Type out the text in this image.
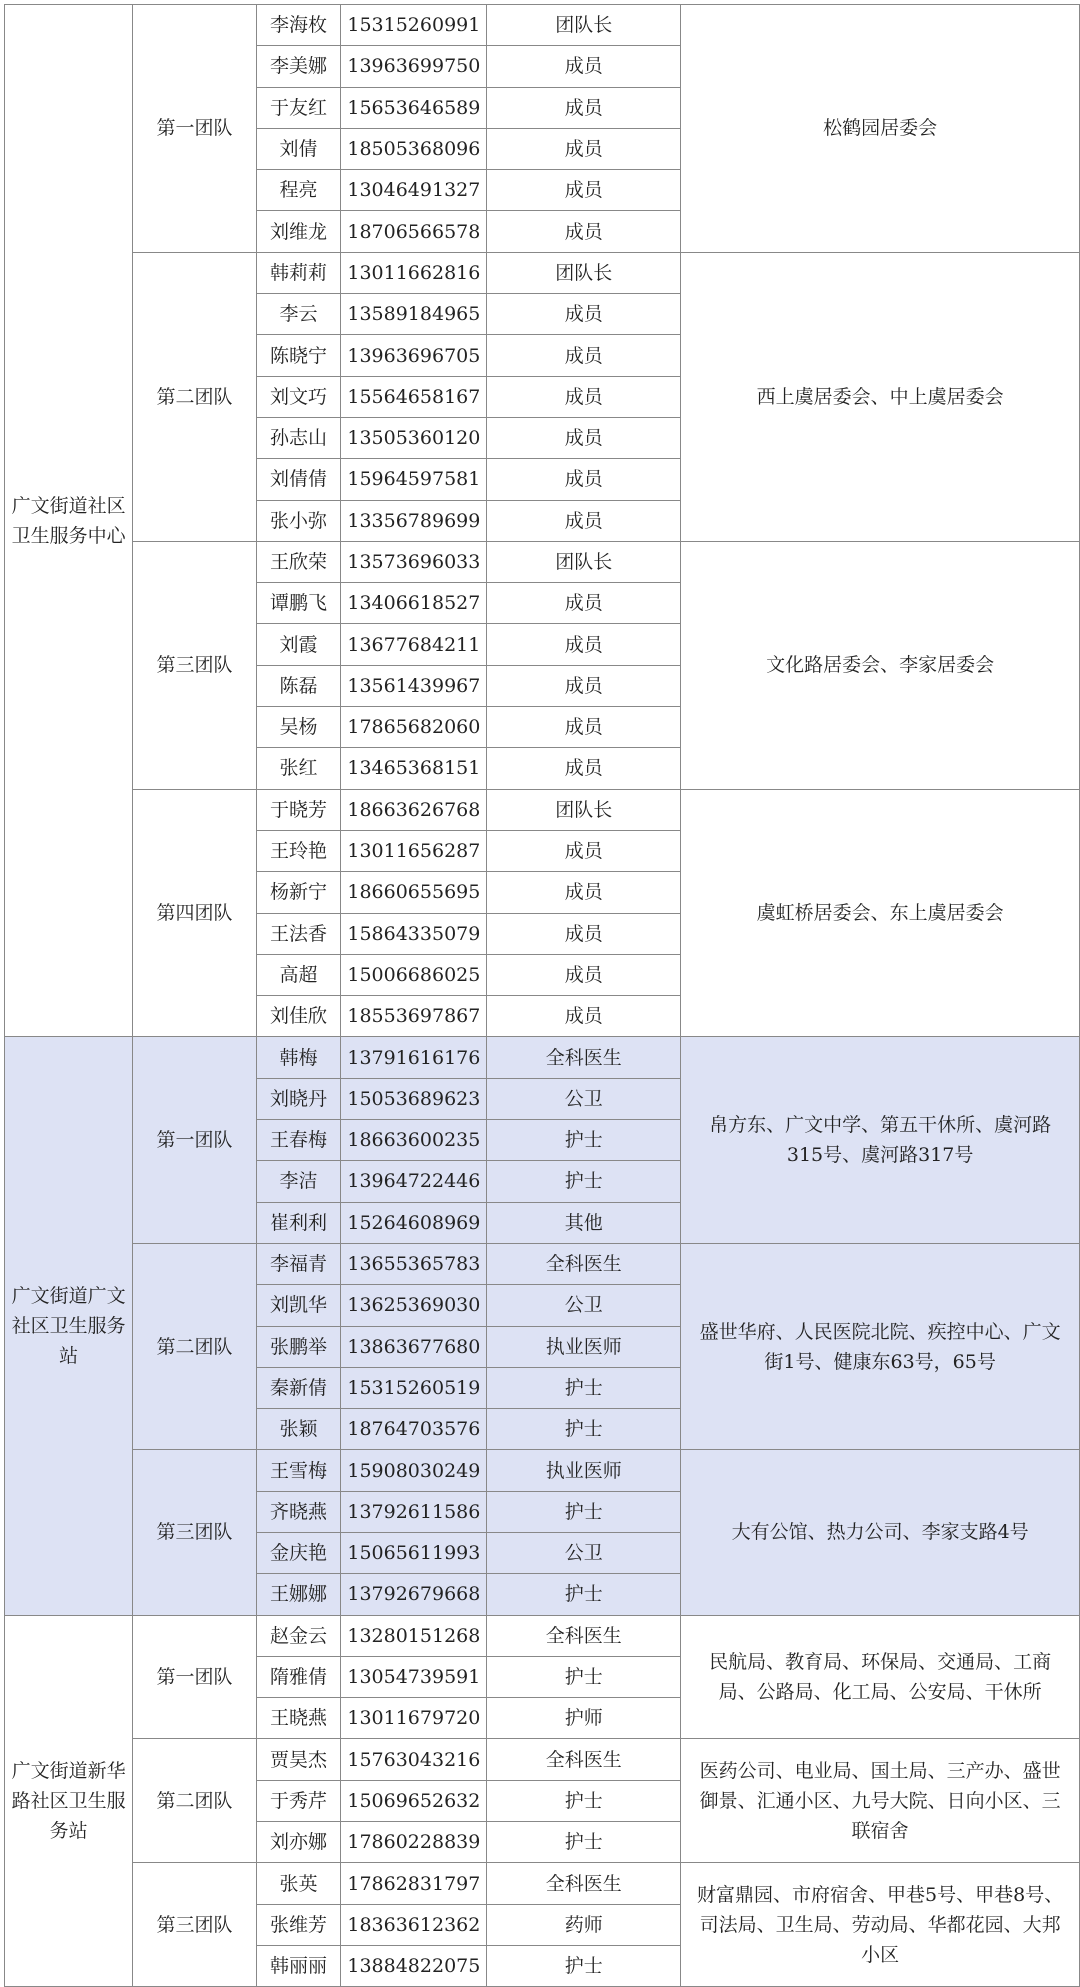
广文街道社区卫生服务中心	第一团队	李海枚	15315260991	团队长	松鹤园居委会
		李美娜	13963699750	成员	
		于友红	15653646589	成员	
		刘倩	18505368096	成员	
		程亮	13046491327	成员	
		刘维龙	18706566578	成员	
	第二团队	韩莉莉	13011662816	团队长	西上虞居委会、中上虞居委会
		李云	13589184965	成员	
		陈晓宁	13963696705	成员	
		刘文巧	15564658167	成员	
		孙志山	13505360120	成员	
		刘倩倩	15964597581	成员	
		张小弥	13356789699	成员	
	第三团队	王欣荣	13573696033	团队长	文化路居委会、李家居委会
		谭鹏飞	13406618527	成员	
		刘霞	13677684211	成员	
		陈磊	13561439967	成员	
		吴杨	17865682060	成员	
		张红	13465368151	成员	
	第四团队	于晓芳	18663626768	团队长	虞虹桥居委会、东上虞居委会
		王玲艳	13011656287	成员	
		杨新宁	18660655695	成员	
		王法香	15864335079	成员	
		高超	15006686025	成员	
		刘佳欣	18553697867	成员	
广文街道广文社区卫生服务站	第一团队	韩梅	13791616176	全科医生	帛方东、广文中学、第五干休所、虞河路315号、虞河路317号
		刘晓丹	15053689623	公卫	
		王春梅	18663600235	护士	
		李洁	13964722446	护士	
		崔利利	15264608969	其他	
	第二团队	李福青	13655365783	全科医生	盛世华府、人民医院北院、疾控中心、广文街1号、健康东63号，65号
		刘凯华	13625369030	公卫	
		张鹏举	13863677680	执业医师	
		秦新倩	15315260519	护士	
		张颖	18764703576	护士	
	第三团队	王雪梅	15908030249	执业医师	大有公馆、热力公司、李家支路4号
		齐晓燕	13792611586	护士	
		金庆艳	15065611993	公卫	
		王娜娜	13792679668	护士	
广文街道新华路社区卫生服务站	第一团队	赵金云	13280151268	全科医生	民航局、教育局、环保局、交通局、工商局、公路局、化工局、公安局、干休所
		隋雅倩	13054739591	护士	
		王晓燕	13011679720	护师	
	第二团队	贾昊杰	15763043216	全科医生	医药公司、电业局、国土局、三产办、盛世御景、汇通小区、九号大院、日向小区、三联宿舍
		于秀芹	15069652632	护士	
		刘亦娜	17860228839	护士	
	第三团队	张英	17862831797	全科医生	财富鼎园、市府宿舍、甲巷5号、甲巷8号、司法局、卫生局、劳动局、华都花园、大邦小区
		张维芳	18363612362	药师	
		韩丽丽	13884822075	护士	
